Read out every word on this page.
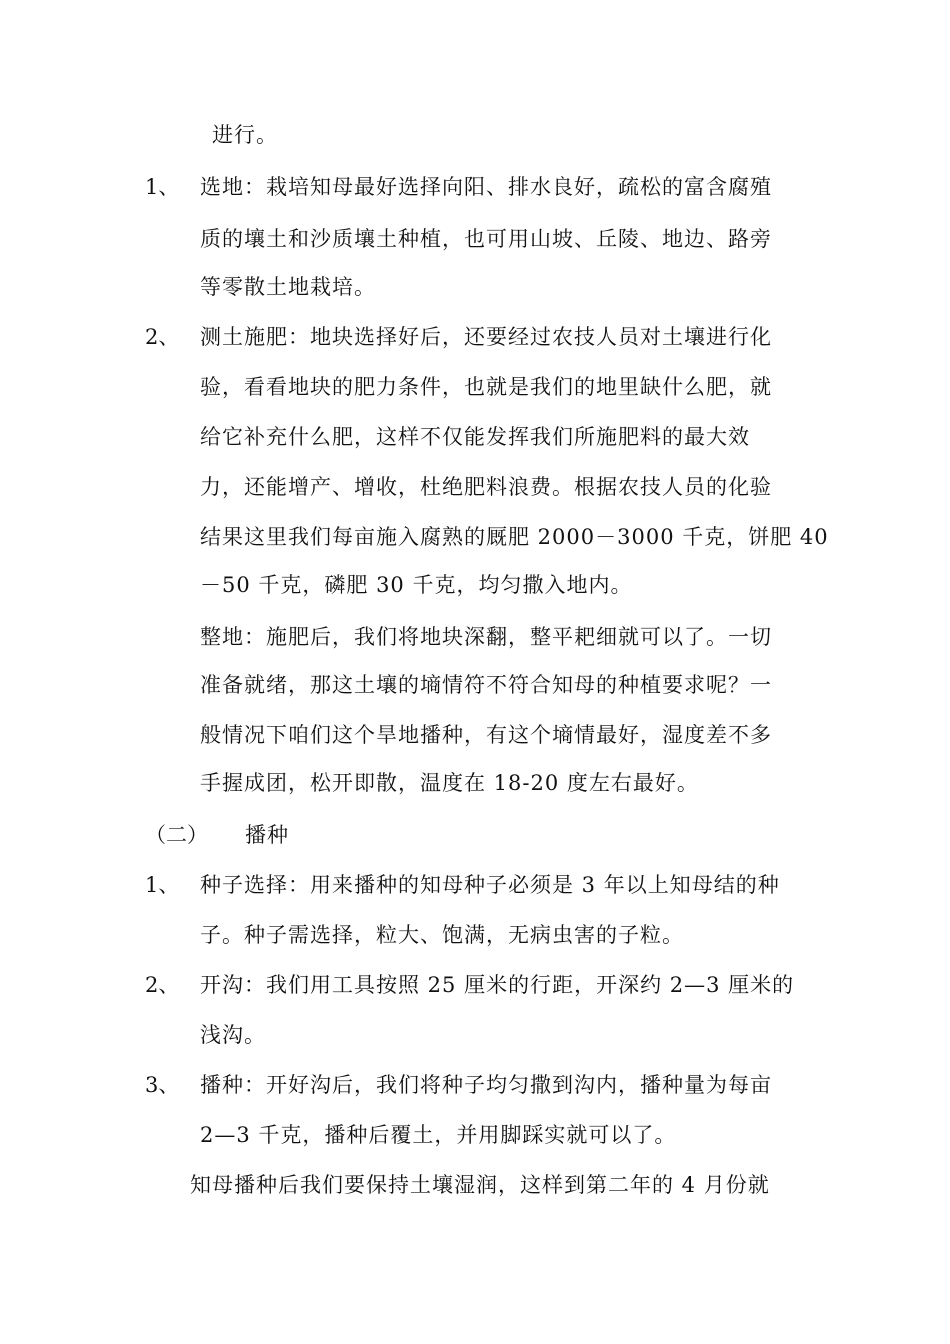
进行。
1、 选地：栽培知母最好选择向阳、排水良好，疏松的富含腐殖
质的壤土和沙质壤土种植，也可用山坡、丘陵、地边、路旁
等零散土地栽培。
2、 测土施肥：地块选择好后，还要经过农技人员对土壤进行化
验，看看地块的肥力条件，也就是我们的地里缺什么肥，就
给它补充什么肥，这样不仅能发挥我们所施肥料的最大效
力，还能增产、增收，杜绝肥料浪费。根据农技人员的化验
结果这里我们每亩施入腐熟的厩肥 2000－3000 千克，饼肥 40
－50 千克，磷肥 30 千克，均匀撒入地内。
整地：施肥后，我们将地块深翻，整平耙细就可以了。一切
准备就绪，那这土壤的墒情符不符合知母的种植要求呢？一
般情况下咱们这个旱地播种，有这个墒情最好，湿度差不多
手握成团，松开即散，温度在 18-20 度左右最好。
（二） 播种
1、 种子选择：用来播种的知母种子必须是 3 年以上知母结的种
子。种子需选择，粒大、饱满，无病虫害的子粒。
2、 开沟：我们用工具按照 25 厘米的行距，开深约 2—3 厘米的
浅沟。
3、 播种：开好沟后，我们将种子均匀撒到沟内，播种量为每亩
2—3 千克，播种后覆土，并用脚踩实就可以了。
知母播种后我们要保持土壤湿润，这样到第二年的 4 月份就
